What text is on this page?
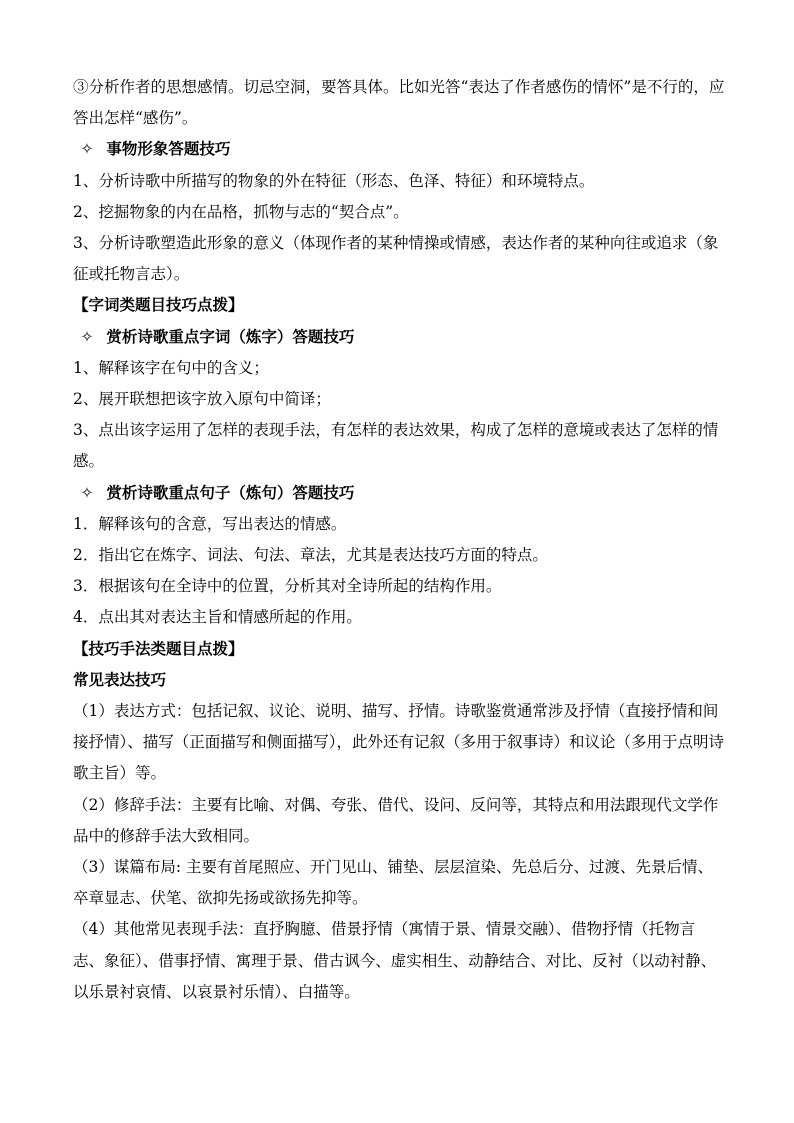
③分析作者的思想感情。切忌空洞，要答具体。比如光答“表达了作者感伤的情怀”是不行的，应答出怎样“感伤”。
✧ 事物形象答题技巧
1、分析诗歌中所描写的物象的外在特征（形态、色泽、特征）和环境特点。
2、挖掘物象的内在品格，抓物与志的“契合点”。
3、分析诗歌塑造此形象的意义（体现作者的某种情操或情感，表达作者的某种向往或追求（象征或托物言志）。
【字词类题目技巧点拨】
✧ 赏析诗歌重点字词（炼字）答题技巧
1、解释该字在句中的含义；
2、展开联想把该字放入原句中简译；
3、点出该字运用了怎样的表现手法，有怎样的表达效果，构成了怎样的意境或表达了怎样的情感。
✧ 赏析诗歌重点句子（炼句）答题技巧
1．解释该句的含意，写出表达的情感。
2．指出它在炼字、词法、句法、章法，尤其是表达技巧方面的特点。
3．根据该句在全诗中的位置，分析其对全诗所起的结构作用。
4．点出其对表达主旨和情感所起的作用。
【技巧手法类题目点拨】
常见表达技巧
（1）表达方式：包括记叙、议论、说明、描写、抒情。诗歌鉴赏通常涉及抒情（直接抒情和间接抒情）、描写（正面描写和侧面描写），此外还有记叙（多用于叙事诗）和议论（多用于点明诗歌主旨）等。
（2）修辞手法：主要有比喻、对偶、夸张、借代、设问、反问等，其特点和用法跟现代文学作品中的修辞手法大致相同。
（3）谋篇布局: 主要有首尾照应、开门见山、铺垫、层层渲染、先总后分、过渡、先景后情、卒章显志、伏笔、欲抑先扬或欲扬先抑等。
（4）其他常见表现手法：直抒胸臆、借景抒情（寓情于景、情景交融）、借物抒情（托物言志、象征）、借事抒情、寓理于景、借古讽今、虚实相生、动静结合、对比、反衬（以动衬静、以乐景衬哀情、以哀景衬乐情）、白描等。
